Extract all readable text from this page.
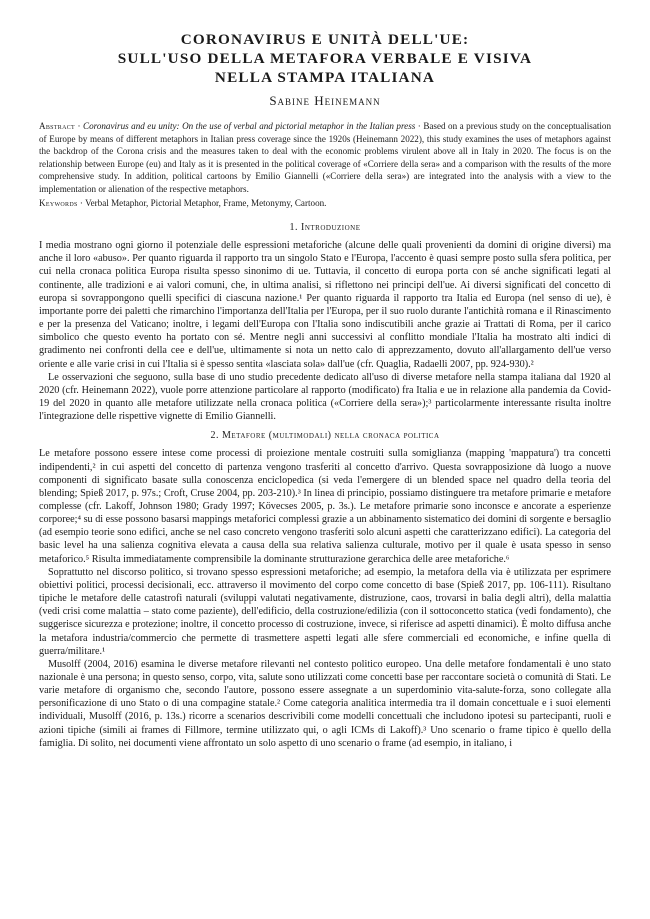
CORONAVIRUS E UNITÀ DELL'UE:
SULL'USO DELLA METAFORA VERBALE E VISIVA
NELLA STAMPA ITALIANA
Sabine Heinemann

Abstract · Coronavirus and eu unity: On the use of verbal and pictorial metaphor in the Italian press · Based on a previous study on the conceptualisation of Europe by means of different metaphors in Italian press coverage since the 1920s (Heinemann 2022), this study examines the uses of metaphors against the backdrop of the Corona crisis and the measures taken to deal with the economic problems virulent above all in Italy in 2020. The focus is on the relationship between Europe (eu) and Italy as it is presented in the political coverage of «Corriere della sera» and a comparison with the results of the more comprehensive study. In addition, political cartoons by Emilio Giannelli («Corriere della sera») are integrated into the analysis with a view to the implementation or alienation of the respective metaphors.

Keywords · Verbal Metaphor, Pictorial Metaphor, Frame, Metonymy, Cartoon.

1. Introduzione

I media mostrano ogni giorno il potenziale delle espressioni metaforiche (alcune delle quali provenienti da domini di origine diversi) ma anche il loro «abuso». Per quanto riguarda il rapporto tra un singolo Stato e l'Europa, l'accento è quasi sempre posto sulla sfera politica, per cui nella cronaca politica Europa risulta spesso sinonimo di ue. Tuttavia, il concetto di europa porta con sé anche significati legati al continente, alle tradizioni e ai valori comuni, che, in ultima analisi, si riflettono nei principi dell'ue. Ai diversi significati del concetto di europa si sovrappongono quelli specifici di ciascuna nazione.¹ Per quanto riguarda il rapporto tra Italia ed Europa (nel senso di ue), è importante porre dei paletti che rimarchino l'importanza dell'Italia per l'Europa, per il suo ruolo durante l'antichità romana e il Rinascimento e per la presenza del Vaticano; inoltre, i legami dell'Europa con l'Italia sono indiscutibili anche grazie ai Trattati di Roma, per il carico simbolico che questo evento ha portato con sé. Mentre negli anni successivi al conflitto mondiale l'Italia ha mostrato alti indici di gradimento nei confronti della cee e dell'ue, ultimamente si nota un netto calo di apprezzamento, dovuto all'allargamento dell'ue verso oriente e alle varie crisi in cui l'Italia si è spesso sentita «lasciata sola» dall'ue (cfr. Quaglia, Radaelli 2007, pp. 924-930).²

Le osservazioni che seguono, sulla base di uno studio precedente dedicato all'uso di diverse metafore nella stampa italiana dal 1920 al 2020 (cfr. Heinemann 2022), vuole porre attenzione particolare al rapporto (modificato) fra Italia e ue in relazione alla pandemia da Covid-19 del 2020 in quanto alle metafore utilizzate nella cronaca politica («Corriere della sera»);³ particolarmente interessante risulta inoltre l'integrazione delle rispettive vignette di Emilio Giannelli.

2. Metafore (multimodali) nella cronaca politica

Le metafore possono essere intese come processi di proiezione mentale costruiti sulla somiglianza (mapping 'mappatura') tra concetti indipendenti,² in cui aspetti del concetto di partenza vengono trasferiti al concetto d'arrivo. Questa sovrapposizione dà luogo a nuove componenti di significato basate sulla conoscenza enciclopedica (si veda l'emergere di un blended space nel quadro della teoria del blending; Spieß 2017, p. 97s.; Croft, Cruse 2004, pp. 203-210).³ In linea di principio, possiamo distinguere tra metafore primarie e metafore complesse (cfr. Lakoff, Johnson 1980; Grady 1997; Kövecses 2005, p. 3s.). Le metafore primarie sono inconsce e ancorate a esperienze corporee;⁴ su di esse possono basarsi mappings metaforici complessi grazie a un abbinamento sistematico dei domini di sorgente e bersaglio (ad esempio teorie sono edifici, anche se nel caso concreto vengono trasferiti solo alcuni aspetti che caratterizzano edifici). La categoria del basic level ha una salienza cognitiva elevata a causa della sua relativa salienza culturale, motivo per il quale è usata spesso in senso metaforico.⁵ Risulta immediatamente comprensibile la dominante strutturazione gerarchica delle aree metaforiche.⁶

Soprattutto nel discorso politico, si trovano spesso espressioni metaforiche; ad esempio, la metafora della via è utilizzata per esprimere obiettivi politici, processi decisionali, ecc. attraverso il movimento del corpo come concetto di base (Spieß 2017, pp. 106-111). Risultano tipiche le metafore delle catastrofi naturali (sviluppi valutati negativamente, distruzione, caos, trovarsi in balia degli altri), della malattia (vedi crisi come malattia – stato come paziente), dell'edificio, della costruzione/edilizia (con il sottoconcetto statica (vedi fondamento), che suggerisce sicurezza e protezione; inoltre, il concetto processo di costruzione, invece, si riferisce ad aspetti dinamici). È molto diffusa anche la metafora industria/commercio che permette di trasmettere aspetti legati alle sfere commerciali ed economiche, e infine quella di guerra/militare.¹

Musolff (2004, 2016) esamina le diverse metafore rilevanti nel contesto politico europeo. Una delle metafore fondamentali è uno stato nazionale è una persona; in questo senso, corpo, vita, salute sono utilizzati come concetti base per raccontare società o comunità di Stati. Le varie metafore di organismo che, secondo l'autore, possono essere assegnate a un superdominio vita-salute-forza, sono collegate alla personificazione di uno Stato o di una compagine statale.² Come categoria analitica intermedia tra il domain concettuale e i suoi elementi individuali, Musolff (2016, p. 13s.) ricorre a scenarios descrivibili come modelli concettuali che includono ipotesi su partecipanti, ruoli e azioni tipiche (simili ai frames di Fillmore, termine utilizzato qui, o agli ICMs di Lakoff).³ Uno scenario o frame tipico è quello della famiglia. Di solito, nei documenti viene affrontato un solo aspetto di uno scenario o frame (ad esempio, in italiano, i
